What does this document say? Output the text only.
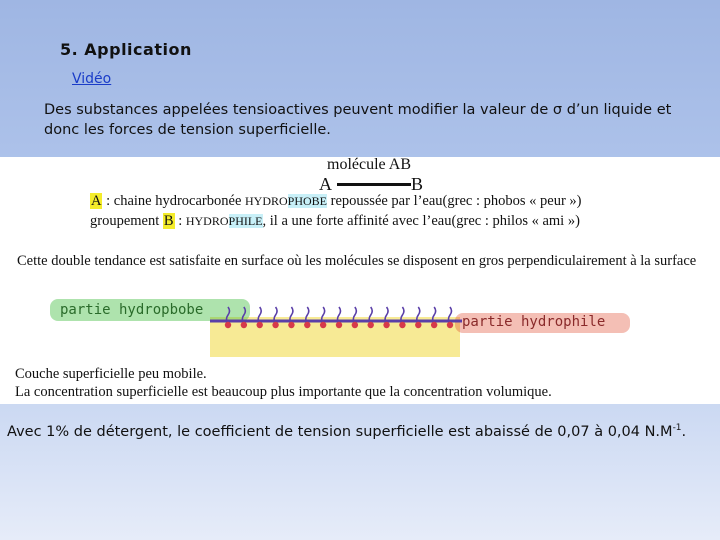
5. Application
Vidéo
Des substances appelées tensioactives peuvent modifier la valeur de σ d’un liquide et donc les forces de tension superficielle.
molécule AB
A	B
A : chaine hydrocarbonée HYDROPHOBE repoussée par l’eau(grec : phobos « peur »)
groupement B : HYDROPHILE, il a une forte affinité avec l’eau(grec : philos « ami »)
Cette double tendance est satisfaite en surface où les molécules se disposent en gros perpendiculairement à la surface
partie hydropbobe
partie hydrophile
Couche superficielle peu mobile.
La concentration superficielle est beaucoup plus importante que la concentration volumique.
Avec 1% de détergent, le coefficient de tension superficielle est abaissé de 0,07 à 0,04 $N.M^{-1}$.
